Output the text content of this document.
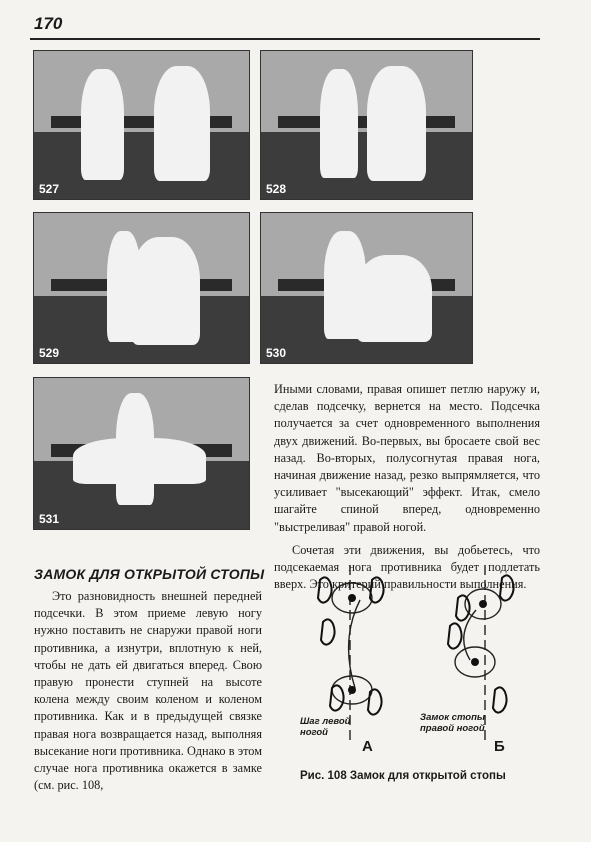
170
527	528
529	530
531

Иными словами, правая опишет петлю наружу и, сделав подсечку, вернется на место. Подсечка получается за счет одновременного выполнения двух движений. Во-первых, вы бросаете свой вес назад. Во-вторых, полусогнутая правая нога, начиная движение назад, резко выпрямляется, что усиливает "высекающий" эффект. Итак, смело шагайте спиной вперед, одновременно "выстреливая" правой ногой.

Сочетая эти движения, вы добьетесь, что подсекаемая нога противника будет подлетать вверх. Это критерий правильности выполнения.

ЗАМОК ДЛЯ ОТКРЫТОЙ СТОПЫ

Это разновидность внешней передней подсечки. В этом приеме левую ногу нужно поставить не снаружи правой ноги противника, а изнутри, вплотную к ней, чтобы не дать ей двигаться вперед. Свою правую пронести ступней на высоте колена между своим коленом и коленом противника. Как и в предыдущей связке правая нога возвращается назад, выполняя высекание ноги противника. Однако в этом случае нога противника окажется в замке (см. рис. 108,

Шаг левой ногой
Замок стопы правой ногой
А	Б
Рис. 108 Замок для открытой стопы
